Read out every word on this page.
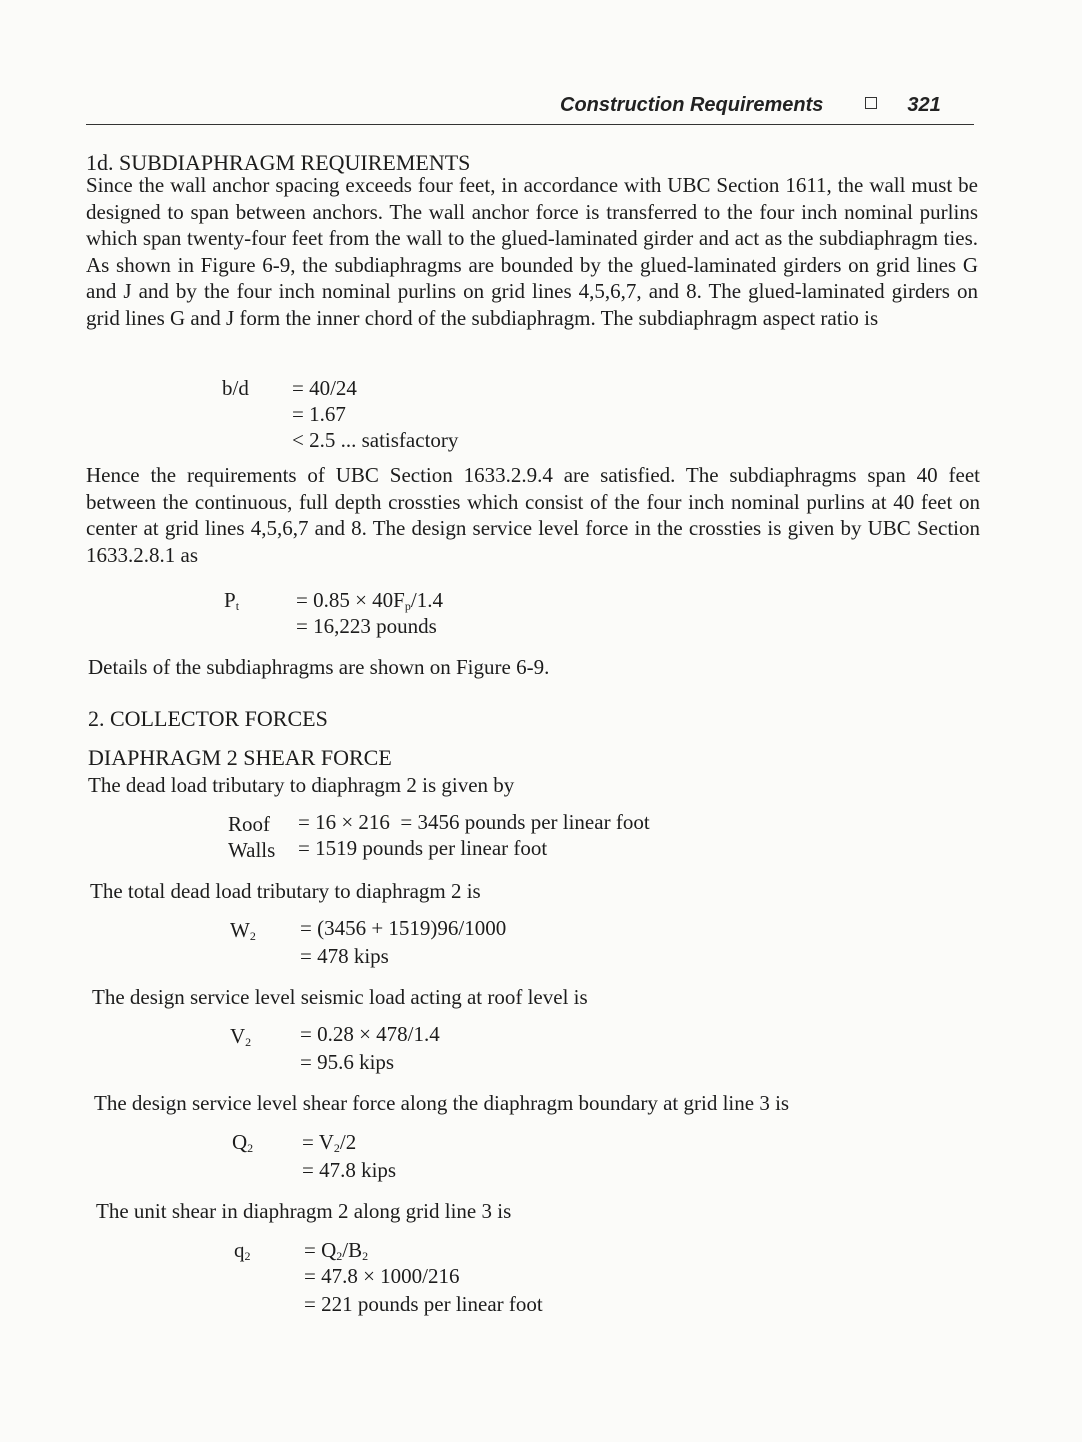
Construction Requirements	321
1d. SUBDIAPHRAGM REQUIREMENTS
Since the wall anchor spacing exceeds four feet, in accordance with UBC Section 1611, the wall must be designed to span between anchors. The wall anchor force is transferred to the four inch nominal purlins which span twenty-four feet from the wall to the glued-laminated girder and act as the subdiaphragm ties. As shown in Figure 6-9, the subdiaphragms are bounded by the glued-laminated girders on grid lines G and J and by the four inch nominal purlins on grid lines 4,5,6,7, and 8. The glued-laminated girders on grid lines G and J form the inner chord of the subdiaphragm. The subdiaphragm aspect ratio is
b/d = 40/24
= 1.67
< 2.5 ... satisfactory
Hence the requirements of UBC Section 1633.2.9.4 are satisfied. The subdiaphragms span 40 feet between the continuous, full depth crossties which consist of the four inch nominal purlins at 40 feet on center at grid lines 4,5,6,7 and 8. The design service level force in the crossties is given by UBC Section 1633.2.8.1 as
$P_t$	= $0.85 \times 40F_p/1.4$
= 16,223 pounds
Details of the subdiaphragms are shown on Figure 6-9.
2. COLLECTOR FORCES
DIAPHRAGM 2 SHEAR FORCE
The dead load tributary to diaphragm 2 is given by
Roof = 16 × 216  = 3456 pounds per linear foot
Walls = 1519 pounds per linear foot
The total dead load tributary to diaphragm 2 is
$W_2 = (3456 + 1519)96/1000$
= 478 kips
The design service level seismic load acting at roof level is
$V_2 = 0.28 \times 478/1.4$
= 95.6 kips
The design service level shear force along the diaphragm boundary at grid line 3 is
$Q_2 = V_2/2$
= 47.8 kips
The unit shear in diaphragm 2 along grid line 3 is
$q_2$	= $Q_2/B_2$
= 47.8 × 1000/216
= 221 pounds per linear foot
